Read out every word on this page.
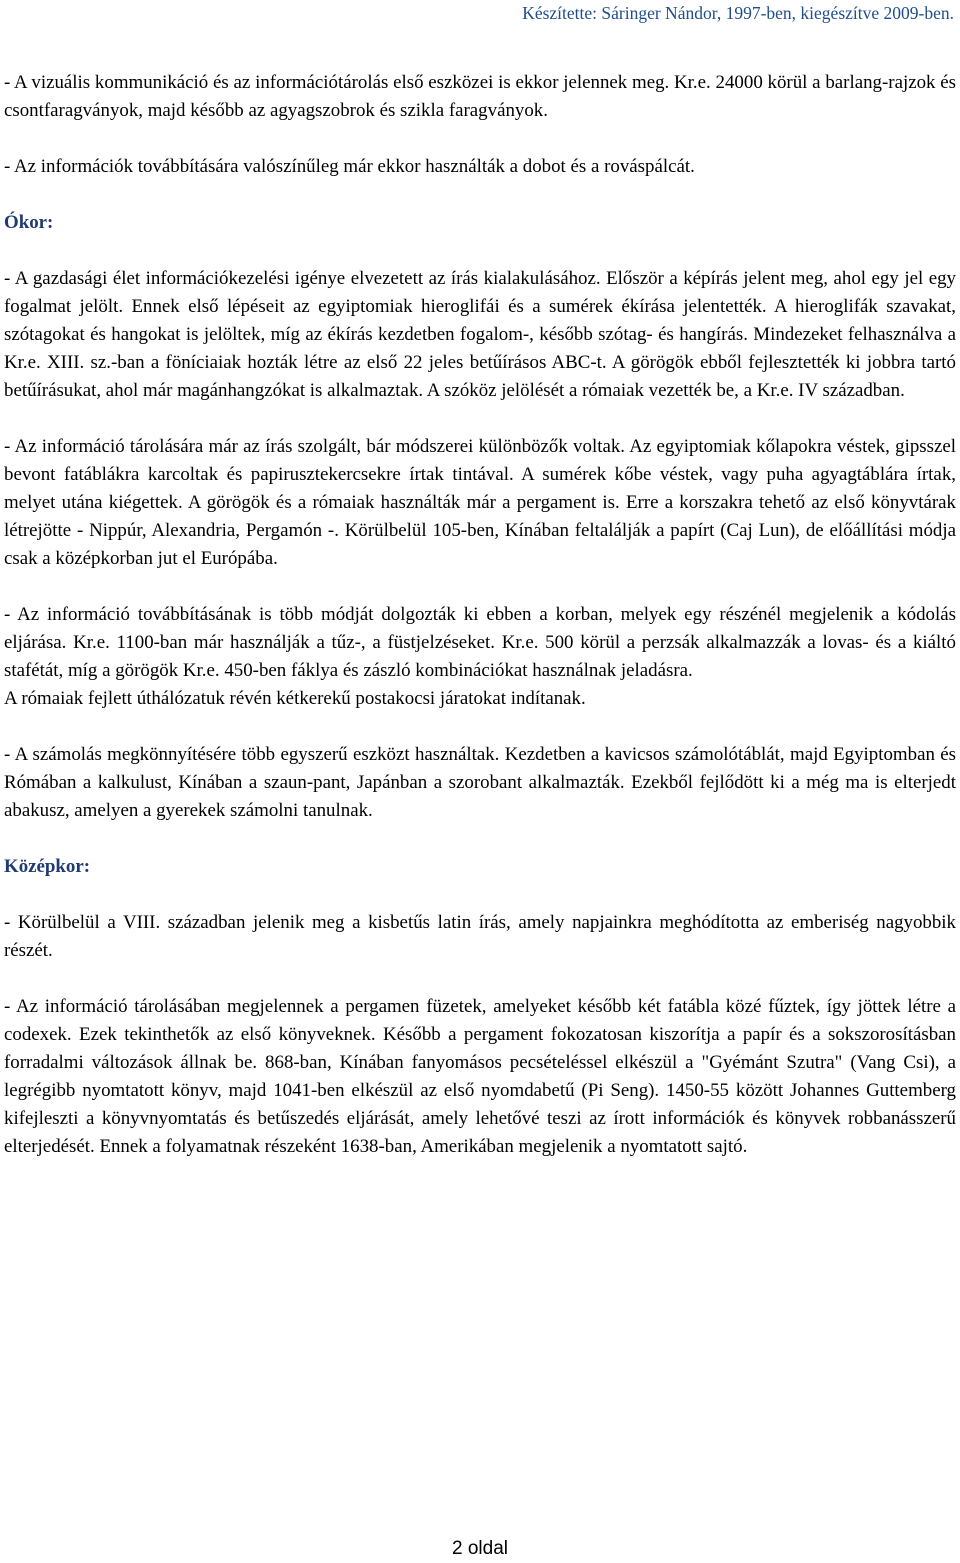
Készítette: Sáringer Nándor, 1997-ben, kiegészítve 2009-ben.

- A vizuális kommunikáció és az információtárolás első eszközei is ekkor jelennek meg. Kr.e. 24000 körül a barlang-rajzok és csontfaragványok, majd később az agyagszobrok és szikla faragványok.

- Az információk továbbítására valószínűleg már ekkor használták a dobot és a rováspálcát.

Ókor:

- A gazdasági élet információkezelési igénye elvezetett az írás kialakulásához. Először a képírás jelent meg, ahol egy jel egy fogalmat jelölt. Ennek első lépéseit az egyiptomiak hieroglifái és a sumérek ékírása jelentették. A hieroglifák szavakat, szótagokat és hangokat is jelöltek, míg az ékírás kezdetben fogalom-, később szótag- és hangírás. Mindezeket felhasználva a Kr.e. XIII. sz.-ban a föníciaiak hozták létre az első 22 jeles betűírásos ABC-t. A görögök ebből fejlesztették ki jobbra tartó betűírásukat, ahol már magánhangzókat is alkalmaztak. A szóköz jelölését a rómaiak vezették be, a Kr.e. IV században.

- Az információ tárolására már az írás szolgált, bár módszerei különbözők voltak. Az egyiptomiak kőlapokra véstek, gipsszel bevont fatáblákra karcoltak és papirusztekercsekre írtak tintával. A sumérek kőbe véstek, vagy puha agyagtáblára írtak, melyet utána kiégettek. A görögök és a rómaiak használták már a pergament is. Erre a korszakra tehető az első könyvtárak létrejötte - Nippúr, Alexandria, Pergamón -. Körülbelül 105-ben, Kínában feltalálják a papírt (Caj Lun), de előállítási módja csak a középkorban jut el Európába.

- Az információ továbbításának is több módját dolgozták ki ebben a korban, melyek egy részénél megjelenik a kódolás eljárása. Kr.e. 1100-ban már használják a tűz-, a füstjelzéseket. Kr.e. 500 körül a perzsák alkalmazzák a lovas- és a kiáltó stafétát, míg a görögök Kr.e. 450-ben fáklya és zászló kombinációkat használnak jeladásra.

A rómaiak fejlett úthálózatuk révén kétkerekű postakocsi járatokat indítanak.

- A számolás megkönnyítésére több egyszerű eszközt használtak. Kezdetben a kavicsos számolótáblát, majd Egyiptomban és Rómában a kalkulust, Kínában a szaun-pant, Japánban a szorobant alkalmazták. Ezekből fejlődött ki a még ma is elterjedt abakusz, amelyen a gyerekek számolni tanulnak.

Középkor:

- Körülbelül a VIII. században jelenik meg a kisbetűs latin írás, amely napjainkra meghódította az emberiség nagyobbik részét.

- Az információ tárolásában megjelennek a pergamen füzetek, amelyeket később két fatábla közé fűztek, így jöttek létre a codexek. Ezek tekinthetők az első könyveknek. Később a pergament fokozatosan kiszorítja a papír és a sokszorosításban forradalmi változások állnak be. 868-ban, Kínában fanyomásos pecsételéssel elkészül a "Gyémánt Szutra" (Vang Csi), a legrégibb nyomtatott könyv, majd 1041-ben elkészül az első nyomdabetű (Pi Seng). 1450-55 között Johannes Guttemberg kifejleszti a könyvnyomtatás és betűszedés eljárását, amely lehetővé teszi az írott információk és könyvek robbanásszerű elterjedését. Ennek a folyamatnak részeként 1638-ban, Amerikában megjelenik a nyomtatott sajtó.

2 oldal
